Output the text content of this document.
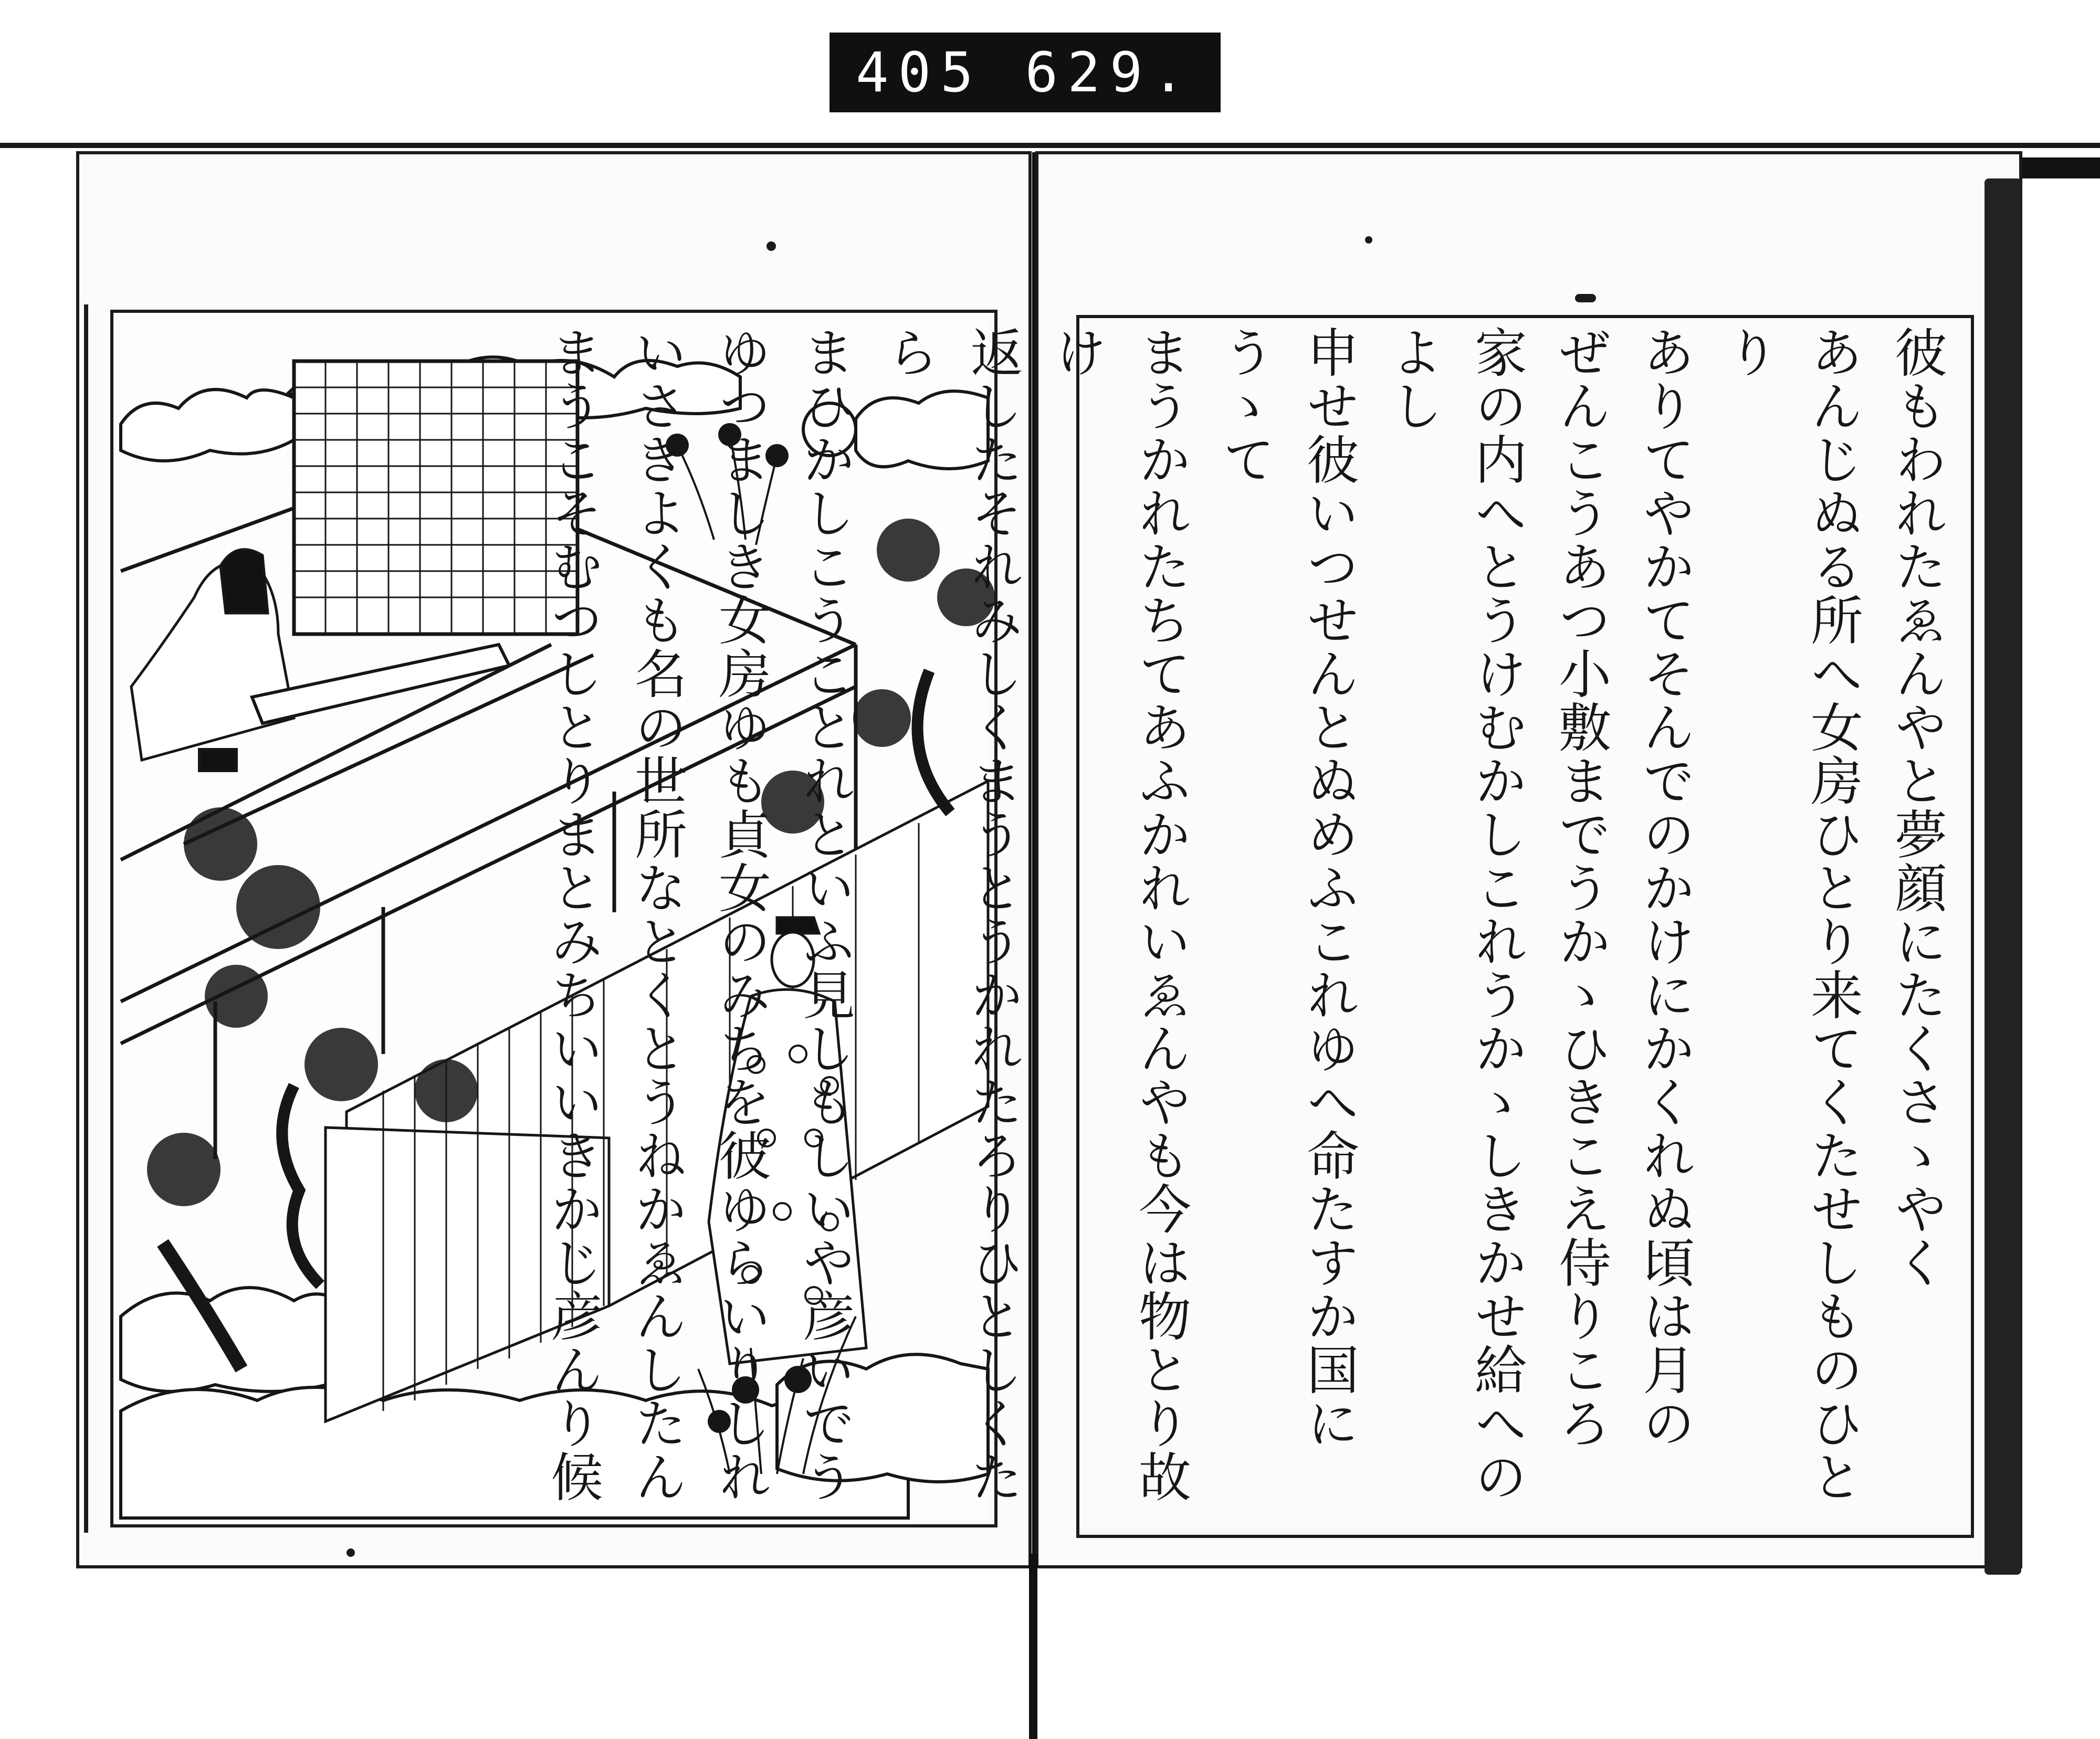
405 629.
彼もわれたゑんやと夢顔にたくさゝやく
あんじぬる所へ女房ひとり来てくたせしものひとり
ありてやかてそんでのかけにかくれぬ頃は月の
ぜんこうあつ小敷までうかゝひきこえ侍りころ
家の内へとうけむかしこれうかゝしきかせ給へのよし
申せ彼いつせんとぬめふこれゆへ命たすか国にうゝて
まうかれたちてあふかれいゑんやも今は物とり故け
返したそれみしくまうとうかれたろりひとしくたら
まひかしこうことれといふ見しもしいや彦いでう
ゆつましき女房ゆも貞女のみちを彼ゆらいりしれ
いさぎよくも名の世所なとくとうねかゑんしたん
まうこそむつしとりまとみちいいきかじ彦んり候
